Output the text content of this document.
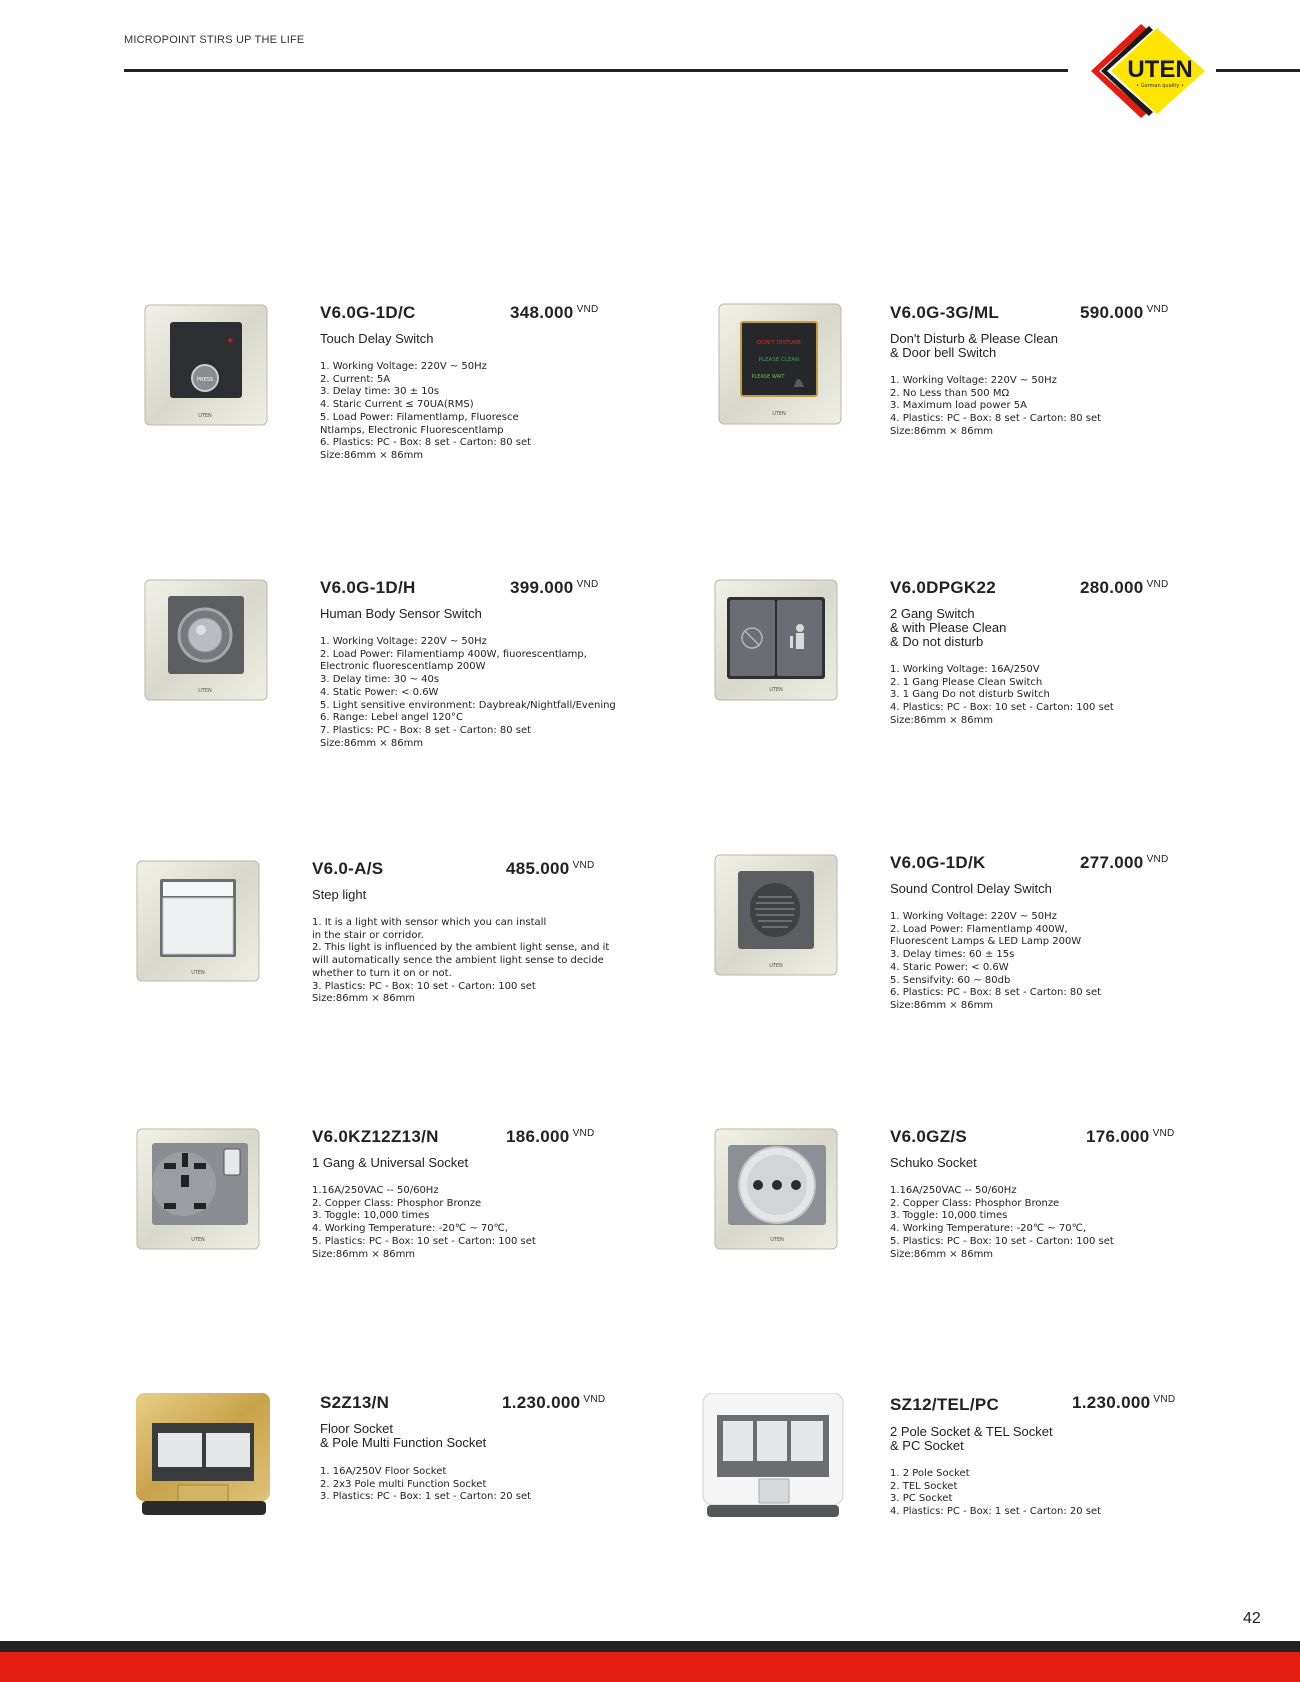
MICROPOINT STIRS UP THE LIFE
UTEN
• German quality •
PRESS
✦
UTEN
V6.0G-1D/C	348.000 $^{VND}$
Touch Delay Switch
1. Working Voltage: 220V ~ 50Hz
2. Current: 5A
3. Delay time: 30 ± 10s
4. Staric Current ≤ 70UA(RMS)
5. Load Power: Filamentlamp, Fluoresce
Ntlamps, Electronic Fluorescentlamp
6. Plastics: PC - Box: 8 set - Carton: 80 set
Size:86mm × 86mm
DON'T DISTURB
PLEASE CLEAN
PLEASE WAIT
UTEN
V6.0G-3G/ML	590.000 $^{VND}$
Don't Disturb & Please Clean
& Door bell Switch
1. Working Voltage: 220V ~ 50Hz
2. No Less than 500 MΩ
3. Maximum load power 5A
4. Plastics: PC - Box: 8 set - Carton: 80 set
Size:86mm × 86mm
UTEN
V6.0G-1D/H	399.000 $^{VND}$
Human Body Sensor Switch
1. Working Voltage: 220V ~ 50Hz
2. Load Power: Filamentiamp 400W, fiuorescentlamp,
Electronic fluorescentlamp 200W
3. Delay time: 30 ~ 40s
4. Static Power: < 0.6W
5. Light sensitive environment: Daybreak/Nightfall/Evening
6. Range: Lebel angel 120°C
7. Plastics: PC - Box: 8 set - Carton: 80 set
Size:86mm × 86mm
UTEN
V6.0DPGK22	280.000 $^{VND}$
2 Gang Switch
& with Please Clean
& Do not disturb
1. Working Voltage: 16A/250V
2. 1 Gang Please Clean Switch
3. 1 Gang Do not disturb Switch
4. Plastics: PC - Box: 10 set - Carton: 100 set
Size:86mm × 86mm
UTEN
V6.0-A/S	485.000 $^{VND}$
Step light
1. It is a light with sensor which you can install
in the stair or corridor.
2. This light is influenced by the ambient light sense, and it
will automatically sence the ambient light sense to decide
whether to turn it on or not.
3. Plastics: PC - Box: 10 set - Carton: 100 set
Size:86mm × 86mm
UTEN
V6.0G-1D/K	277.000 $^{VND}$
Sound Control Delay Switch
1. Working Voltage: 220V ~ 50Hz
2. Load Power: Flamentlamp 400W,
Fluorescent Lamps & LED Lamp 200W
3. Delay times: 60 ± 15s
4. Staric Power: < 0.6W
5. Sensifvity: 60 ~ 80db
6. Plastics: PC - Box: 8 set - Carton: 80 set
Size:86mm × 86mm
UTEN
V6.0KZ12Z13/N	186.000 $^{VND}$
1 Gang & Universal Socket
1.16A/250VAC -- 50/60Hz
2. Copper Class: Phosphor Bronze
3. Toggle: 10,000 times
4. Working Temperature: -20℃ ~ 70℃,
5. Plastics: PC - Box: 10 set - Carton: 100 set
Size:86mm × 86mm
UTEN
V6.0GZ/S	176.000 $^{VND}$
Schuko Socket
1.16A/250VAC -- 50/60Hz
2. Copper Class: Phosphor Bronze
3. Toggle: 10,000 times
4. Working Temperature: -20℃ ~ 70℃,
5. Plastics: PC - Box: 10 set - Carton: 100 set
Size:86mm × 86mm
S2Z13/N	1.230.000 $^{VND}$
Floor Socket
& Pole Multi Function Socket
1. 16A/250V Floor Socket
2. 2x3 Pole multi Function Socket
3. Plastics: PC - Box: 1 set - Carton: 20 set
SZ12/TEL/PC	1.230.000 $^{VND}$
2 Pole Socket & TEL Socket
& PC Socket
1. 2 Pole Socket
2. TEL Socket
3. PC Socket
4. Plastics: PC - Box: 1 set - Carton: 20 set
42
